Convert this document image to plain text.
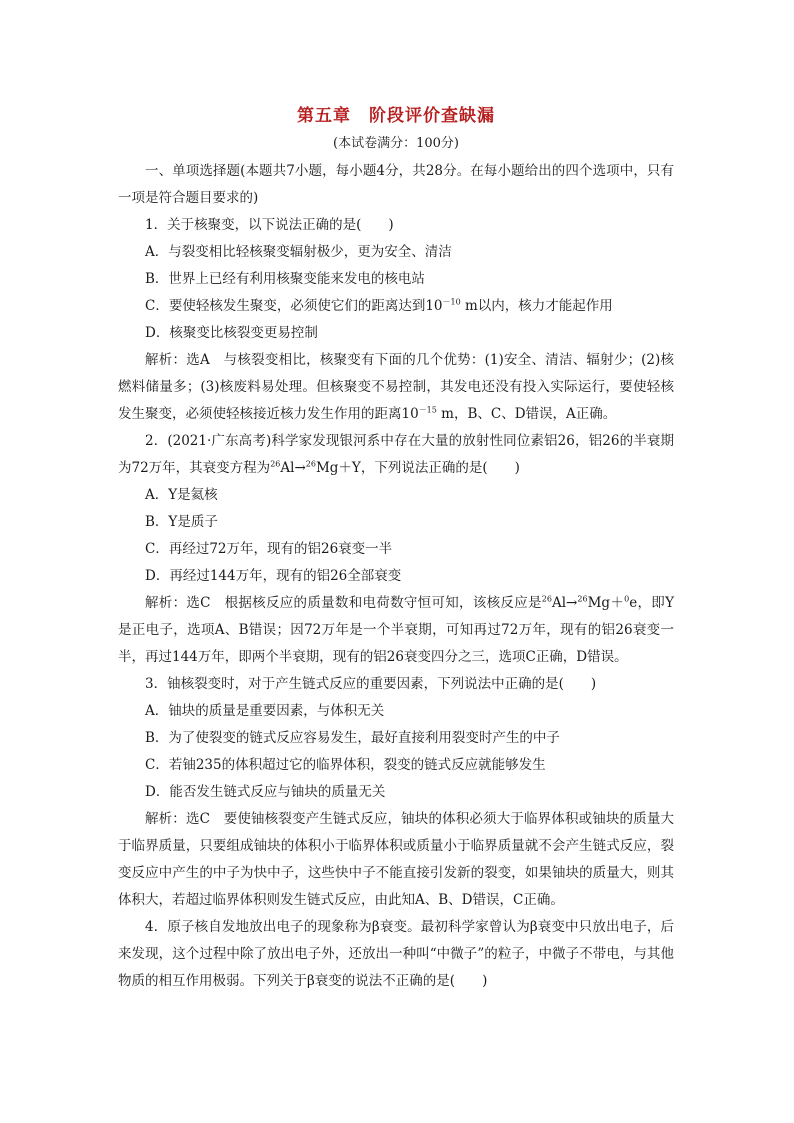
第五章 阶段评价查缺漏
(本试卷满分：100分)

一、单项选择题(本题共7小题，每小题4分，共28分。在每小题给出的四个选项中，只有一项是符合题目要求的)

1．关于核聚变，以下说法正确的是(　　)

A．与裂变相比轻核聚变辐射极少，更为安全、清洁

B．世界上已经有利用核聚变能来发电的核电站

C．要使轻核发生聚变，必须使它们的距离达到$10^{-10}$ m以内，核力才能起作用

D．核聚变比核裂变更易控制

解析：选A　与核裂变相比，核聚变有下面的几个优势：(1)安全、清洁、辐射少；(2)核燃料储量多；(3)核废料易处理。但核聚变不易控制，其发电还没有投入实际运行，要使轻核发生聚变，必须使轻核接近核力发生作用的距离$10^{-15}$ m，B、C、D错误，A正确。

2．(2021·广东高考)科学家发现银河系中存在大量的放射性同位素铝26，铝26的半衰期为72万年，其衰变方程为$^{26}$Al→$^{26}$Mg＋Y，下列说法正确的是(　　)

A．Y是氦核

B．Y是质子

C．再经过72万年，现有的铝26衰变一半

D．再经过144万年，现有的铝26全部衰变

解析：选C　根据核反应的质量数和电荷数守恒可知，该核反应是$^{26}$Al→$^{26}$Mg＋$^0$e，即Y是正电子，选项A、B错误；因72万年是一个半衰期，可知再过72万年，现有的铝26衰变一半，再过144万年，即两个半衰期，现有的铝26衰变四分之三，选项C正确，D错误。

3．铀核裂变时，对于产生链式反应的重要因素，下列说法中正确的是(　　)

A．铀块的质量是重要因素，与体积无关

B．为了使裂变的链式反应容易发生，最好直接利用裂变时产生的中子

C．若铀235的体积超过它的临界体积，裂变的链式反应就能够发生

D．能否发生链式反应与铀块的质量无关

解析：选C　要使铀核裂变产生链式反应，铀块的体积必须大于临界体积或铀块的质量大于临界质量，只要组成铀块的体积小于临界体积或质量小于临界质量就不会产生链式反应，裂变反应中产生的中子为快中子，这些快中子不能直接引发新的裂变，如果铀块的质量大，则其体积大，若超过临界体积则发生链式反应，由此知A、B、D错误，C正确。

4．原子核自发地放出电子的现象称为β衰变。最初科学家曾认为β衰变中只放出电子，后来发现，这个过程中除了放出电子外，还放出一种叫“中微子”的粒子，中微子不带电，与其他物质的相互作用极弱。下列关于β衰变的说法不正确的是(　　)
